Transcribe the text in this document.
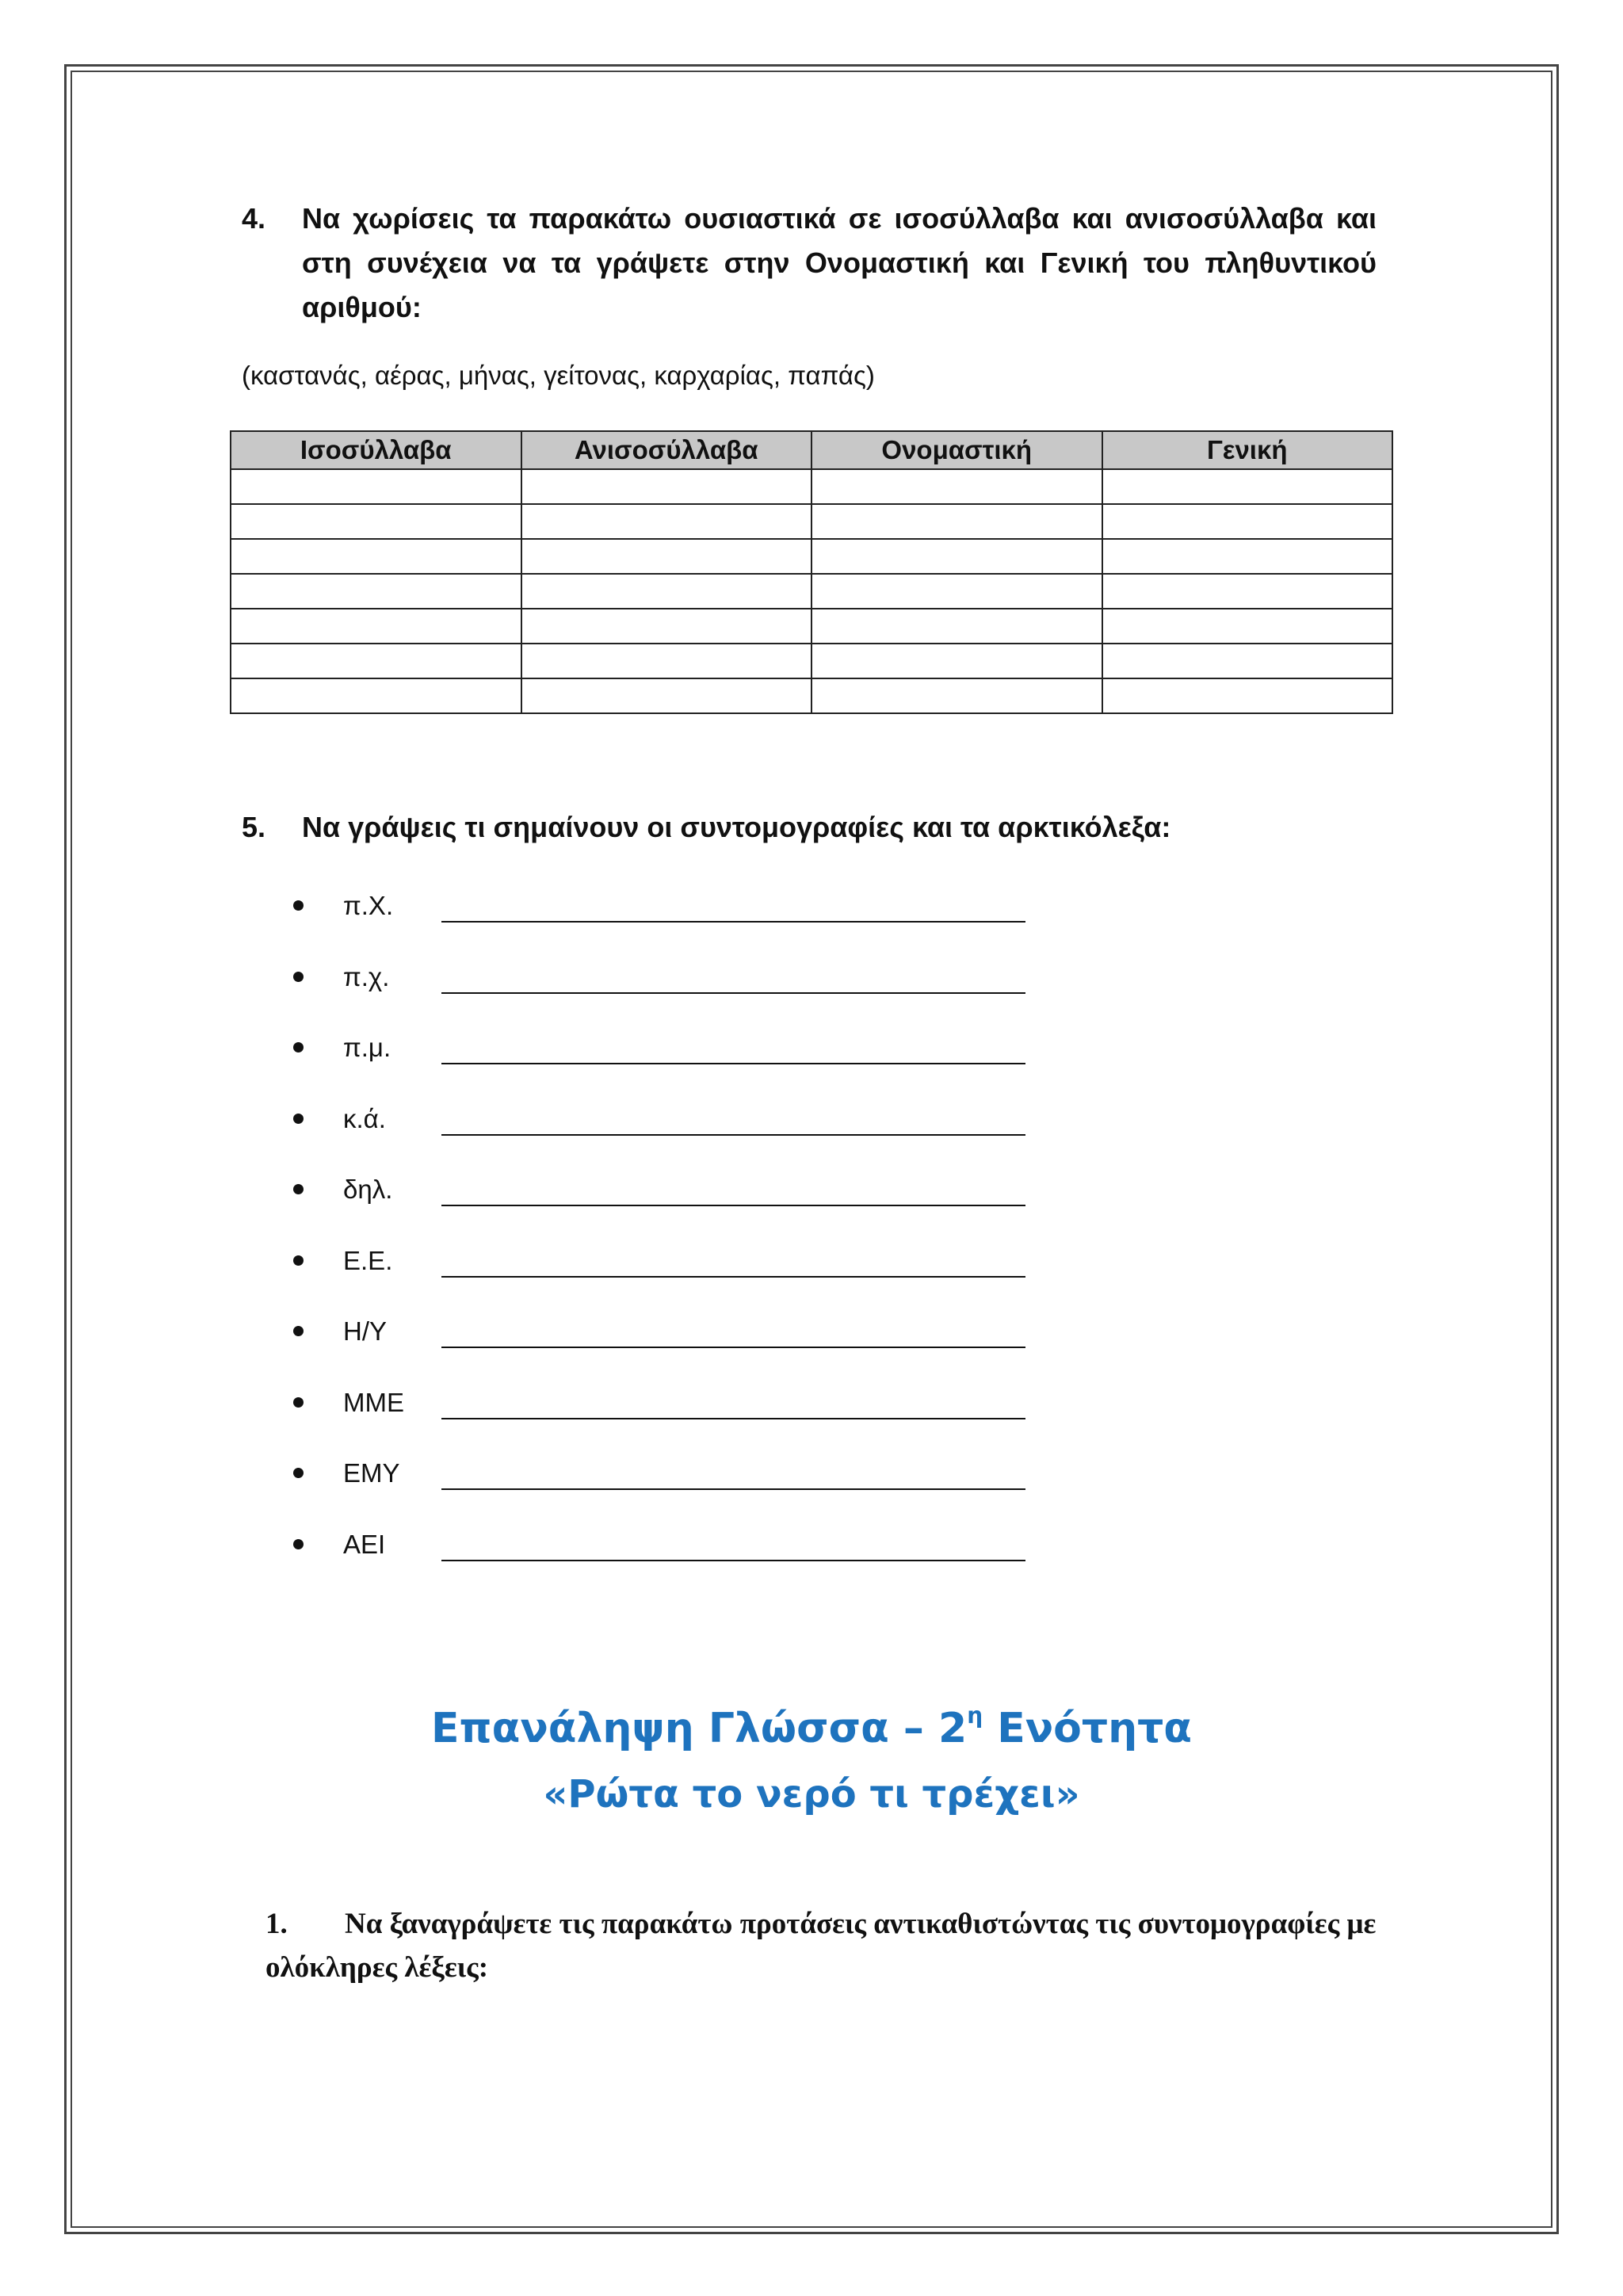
4. Να χωρίσεις τα παρακάτω ουσιαστικά σε ισοσύλλαβα και ανισοσύλλαβα και στη συνέχεια να τα γράψετε στην Ονομαστική και Γενική του πληθυντικού αριθμού:
(καστανάς, αέρας, μήνας, γείτονας, καρχαρίας, παπάς)
Ισοσύλλαβα	Ανισοσύλλαβα	Ονομαστική	Γενική

5. Να γράψεις τι σημαίνουν οι συντομογραφίες και τα αρκτικόλεξα:
π.Χ.
π.χ.
π.μ.
κ.ά.
δηλ.
Ε.Ε.
Η/Υ
ΜΜΕ
ΕΜΥ
ΑΕΙ
Επανάληψη Γλώσσα – $2^\eta$ Ενότητα
«Ρώτα το νερό τι τρέχει»
1. Να ξαναγράψετε τις παρακάτω προτάσεις αντικαθιστώντας τις συντομογραφίες με ολόκληρες λέξεις:
